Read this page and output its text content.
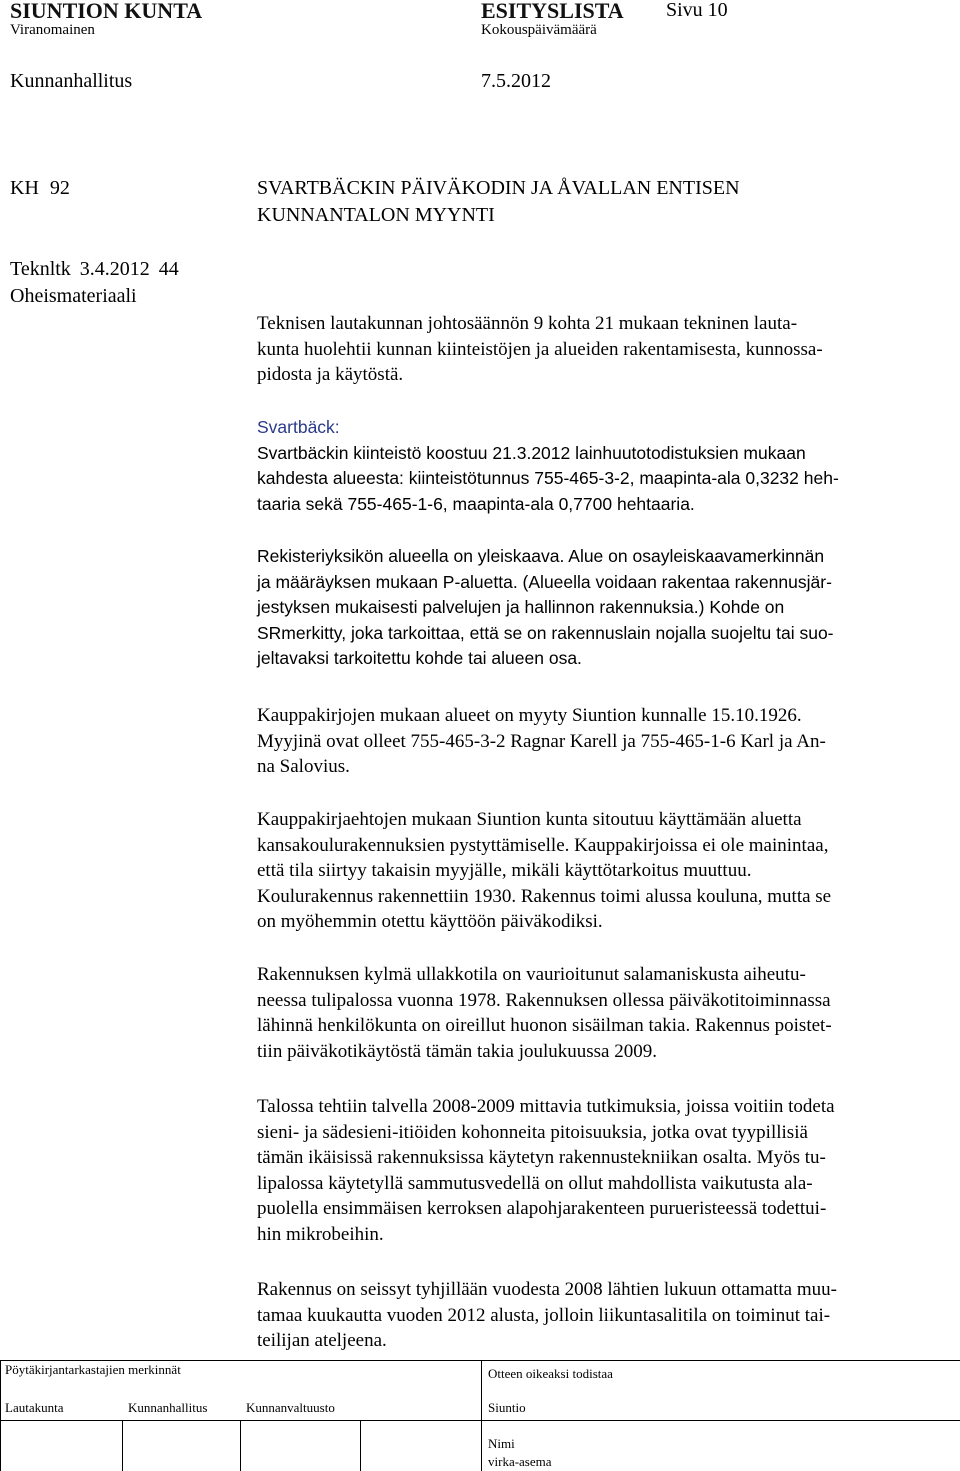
SIUNTION KUNTA	ESITYSLISTA Sivu 10
Viranomainen	Kokouspäivämäärä
Kunnanhallitus	7.5.2012
KH 92
Teknltk 3.4.2012 44
Oheismateriaali
SVARTBÄCKIN PÄIVÄKODIN JA ÅVALLAN ENTISEN
KUNNANTALON MYYNTI

Teknisen lautakunnan johtosäännön 9 kohta 21 mukaan tekninen lauta-

kunta huolehtii kunnan kiinteistöjen ja alueiden rakentamisesta, kunnossa-

pidosta ja käytöstä.

Svartbäck:

Svartbäckin kiinteistö koostuu 21.3.2012 lainhuutotodistuksien mukaan

kahdesta alueesta: kiinteistötunnus 755-465-3-2, maapinta-ala 0,3232 heh-

taaria sekä 755-465-1-6, maapinta-ala 0,7700 hehtaaria.

Rekisteriyksikön alueella on yleiskaava. Alue on osayleiskaavamerkinnän

ja määräyksen mukaan P-aluetta. (Alueella voidaan rakentaa rakennusjär-

jestyksen mukaisesti palvelujen ja hallinnon rakennuksia.) Kohde on

SRmerkitty, joka tarkoittaa, että se on rakennuslain nojalla suojeltu tai suo-

jeltavaksi tarkoitettu kohde tai alueen osa.

Kauppakirjojen mukaan alueet on myyty Siuntion kunnalle 15.10.1926.

Myyjinä ovat olleet 755-465-3-2 Ragnar Karell ja 755-465-1-6 Karl ja An-

na Salovius.

Kauppakirjaehtojen mukaan Siuntion kunta sitoutuu käyttämään aluetta

kansakoulurakennuksien pystyttämiselle. Kauppakirjoissa ei ole mainintaa,

että tila siirtyy takaisin myyjälle, mikäli käyttötarkoitus muuttuu.

Koulurakennus rakennettiin 1930. Rakennus toimi alussa kouluna, mutta se

on myöhemmin otettu käyttöön päiväkodiksi.

Rakennuksen kylmä ullakkotila on vaurioitunut salamaniskusta aiheutu-

neessa tulipalossa vuonna 1978. Rakennuksen ollessa päiväkotitoiminnassa

lähinnä henkilökunta on oireillut huonon sisäilman takia. Rakennus poistet-

tiin päiväkotikäytöstä tämän takia joulukuussa 2009.

Talossa tehtiin talvella 2008-2009 mittavia tutkimuksia, joissa voitiin todeta

sieni- ja sädesieni-itiöiden kohonneita pitoisuuksia, jotka ovat tyypillisiä

tämän ikäisissä rakennuksissa käytetyn rakennustekniikan osalta. Myös tu-

lipalossa käytetyllä sammutusvedellä on ollut mahdollista vaikutusta ala-

puolella ensimmäisen kerroksen alapohjarakenteen purueristeessä todettui-

hin mikrobeihin.

Rakennus on seissyt tyhjillään vuodesta 2008 lähtien lukuun ottamatta muu-

tamaa kuukautta vuoden 2012 alusta, jolloin liikuntasalitila on toiminut tai-

teilijan ateljeena.

Pöytäkirjantarkastajien merkinnät
Lautakunta	Kunnanhallitus	Kunnanvaltuusto
Otteen oikeaksi todistaa
Siuntio
Nimi
virka-asema
